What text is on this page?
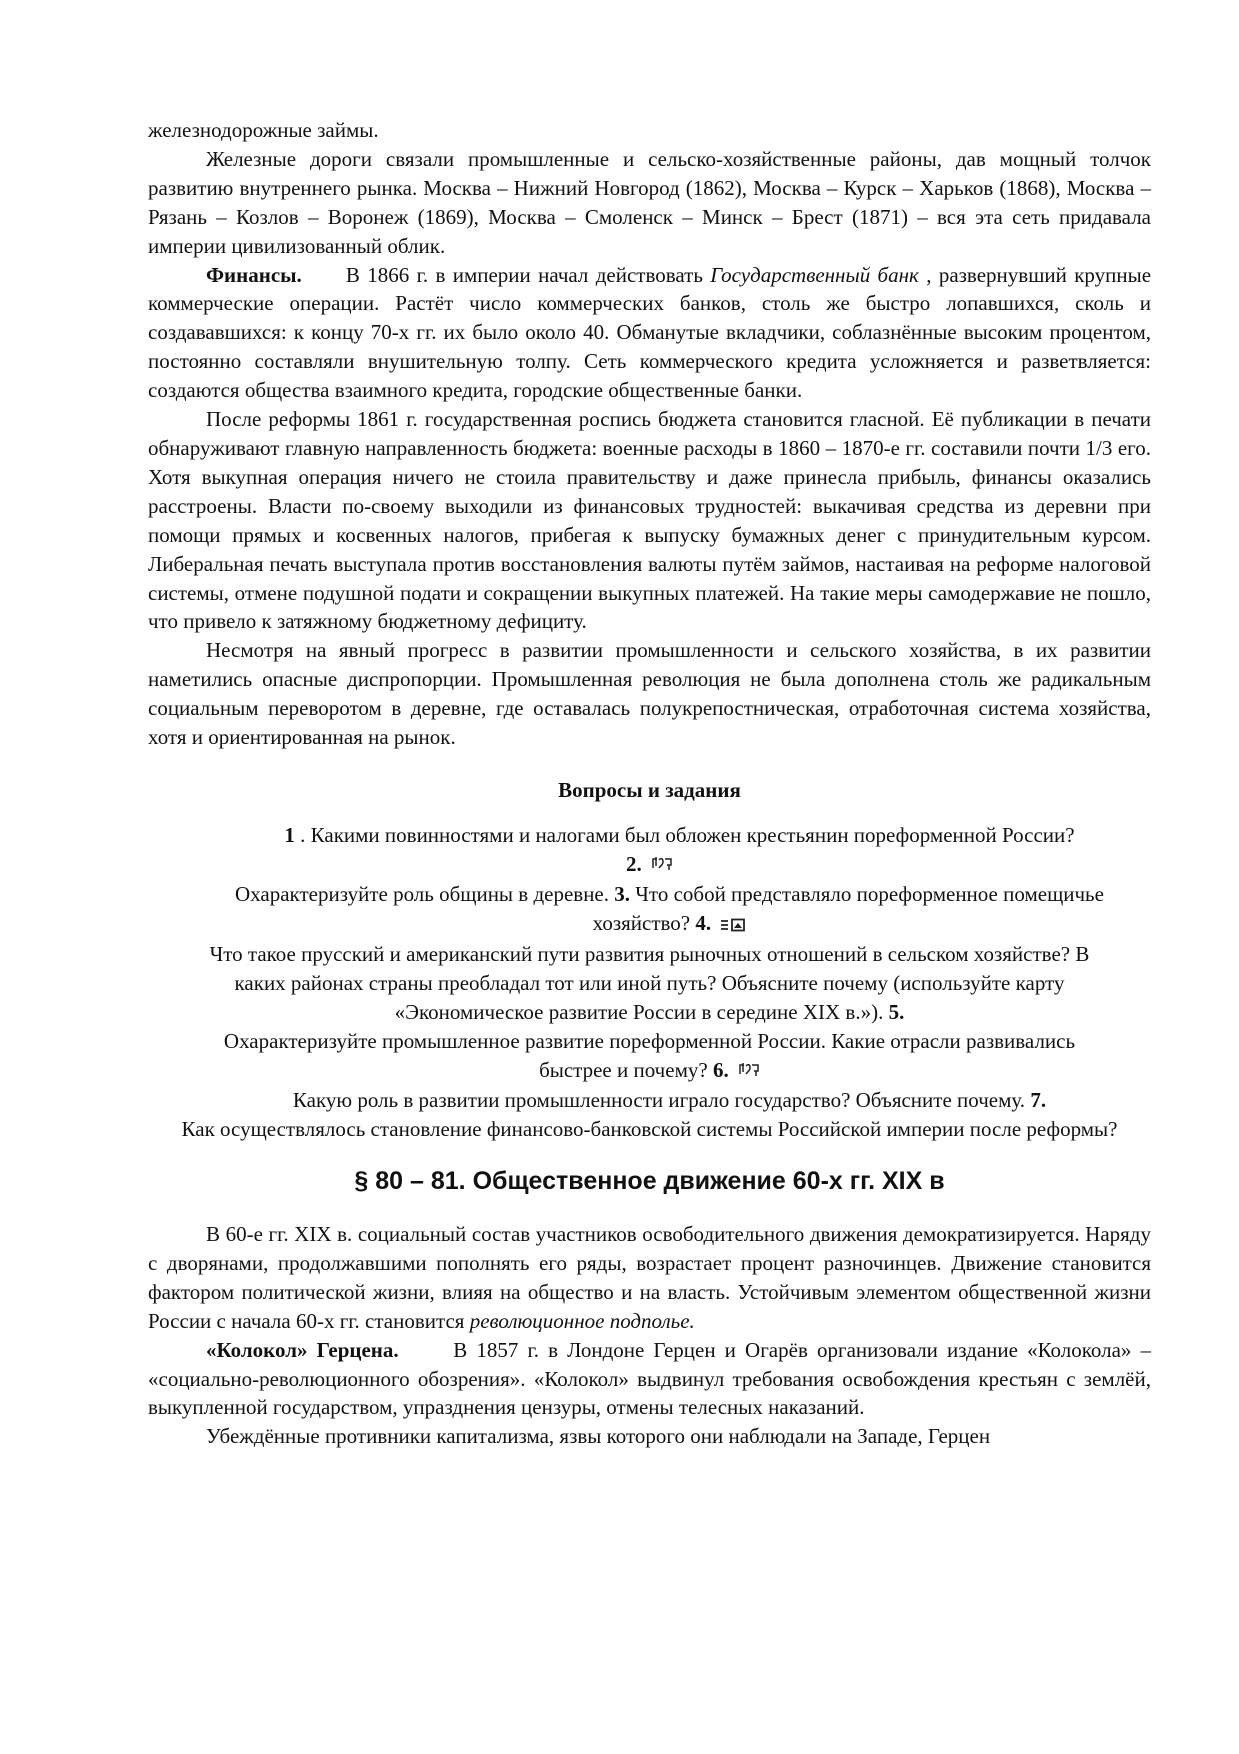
железнодорожные займы.

Железные дороги связали промышленные и сельско-хозяйственные районы, дав мощный толчок развитию внутреннего рынка. Москва – Нижний Новгород (1862), Москва – Курск – Харьков (1868), Москва – Рязань – Козлов – Воронеж (1869), Москва – Смоленск – Минск – Брест (1871) – вся эта сеть придавала империи цивилизованный облик.

Финансы. В 1866 г. в империи начал действовать Государственный банк , развернувший крупные коммерческие операции. Растёт число коммерческих банков, столь же быстро лопавшихся, сколь и создававшихся: к концу 70-х гг. их было около 40. Обманутые вкладчики, соблазнённые высоким процентом, постоянно составляли внушительную толпу. Сеть коммерческого кредита усложняется и разветвляется: создаются общества взаимного кредита, городские общественные банки.

После реформы 1861 г. государственная роспись бюджета становится гласной. Её публикации в печати обнаруживают главную направленность бюджета: военные расходы в 1860 – 1870-е гг. составили почти 1/3 его. Хотя выкупная операция ничего не стоила правительству и даже принесла прибыль, финансы оказались расстроены. Власти по-своему выходили из финансовых трудностей: выкачивая средства из деревни при помощи прямых и косвенных налогов, прибегая к выпуску бумажных денег с принудительным курсом. Либеральная печать выступала против восстановления валюты путём займов, настаивая на реформе налоговой системы, отмене подушной подати и сокращении выкупных платежей. На такие меры самодержавие не пошло, что привело к затяжному бюджетному дефициту.

Несмотря на явный прогресс в развитии промышленности и сельского хозяйства, в их развитии наметились опасные диспропорции. Промышленная революция не была дополнена столь же радикальным социальным переворотом в деревне, где оставалась полукрепостническая, отработочная система хозяйства, хотя и ориентированная на рынок.

Вопросы и задания

1 . Какими повинностями и налогами был обложен крестьянин пореформенной России?

2.

Охарактеризуйте роль общины в деревне. 3. Что собой представляло пореформенное помещичье хозяйство? 4.

Что такое прусский и американский пути развития рыночных отношений в сельском хозяйстве? В каких районах страны преобладал тот или иной путь? Объясните почему (используйте карту «Экономическое развитие России в середине XIX в.»). 5.

Охарактеризуйте промышленное развитие пореформенной России. Какие отрасли развивались быстрее и почему? 6.

Какую роль в развитии промышленности играло государство? Объясните почему. 7.

Как осуществлялось становление финансово-банковской системы Российской империи после реформы?

§ 80 – 81. Общественное движение 60-х гг. XIX в

В 60-е гг. XIX в. социальный состав участников освободительного движения демократизируется. Наряду с дворянами, продолжавшими пополнять его ряды, возрастает процент разночинцев. Движение становится фактором политической жизни, влияя на общество и на власть. Устойчивым элементом общественной жизни России с начала 60-х гг. становится революционное подполье.

«Колокол» Герцена.	В 1857 г. в Лондоне Герцен и Огарёв организовали издание «Колокола» – «социально-революционного обозрения». «Колокол» выдвинул требования освобождения крестьян с землёй, выкупленной государством, упразднения цензуры, отмены телесных наказаний.

Убеждённые противники капитализма, язвы которого они наблюдали на Западе, Герцен
